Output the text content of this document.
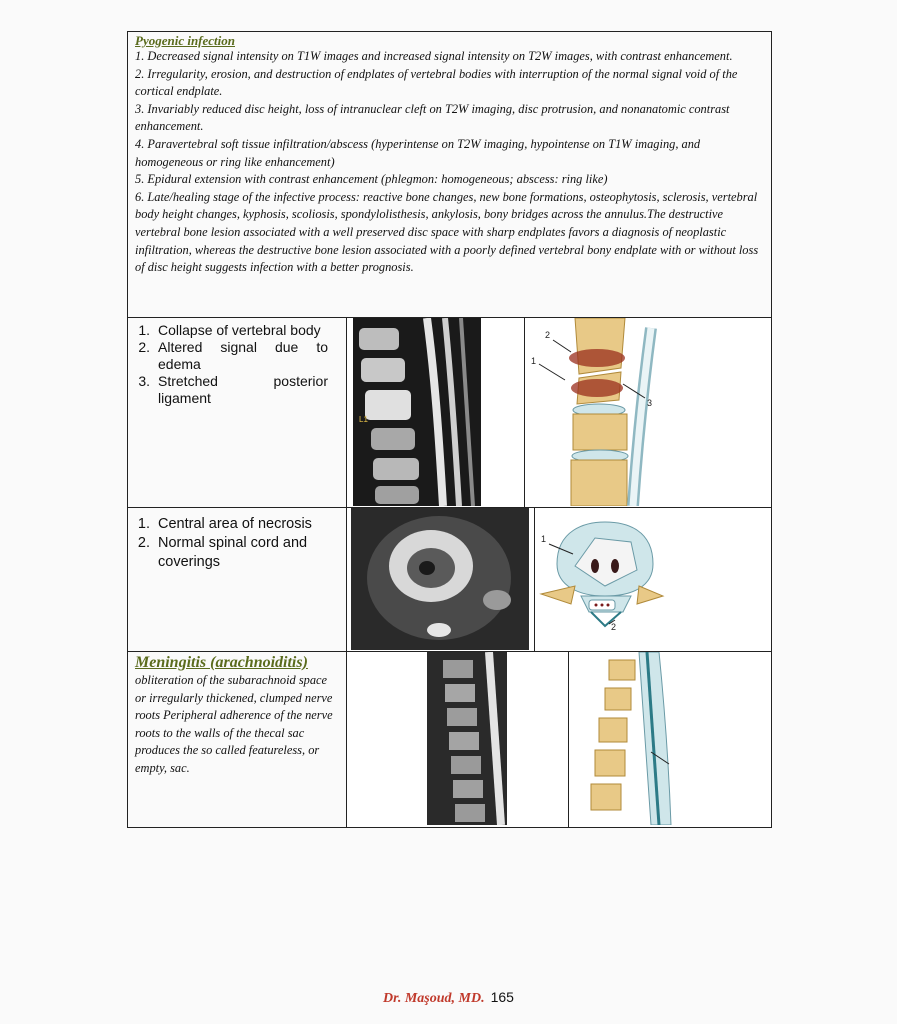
Pyogenic infection

1. Decreased signal intensity on T1W images and increased signal intensity on T2W images, with contrast enhancement.

2. Irregularity, erosion, and destruction of endplates of vertebral bodies with interruption of the normal signal void of the cortical endplate.

3. Invariably reduced disc height, loss of intranuclear cleft on T2W imaging, disc protrusion, and nonanatomic contrast enhancement.

4. Paravertebral soft tissue infiltration/abscess (hyperintense on T2W imaging, hypointense on T1W imaging, and homogeneous or ring like enhancement)

5. Epidural extension with contrast enhancement (phlegmon: homogeneous; abscess: ring like)

6. Late/healing stage of the infective process: reactive bone changes, new bone formations, osteophytosis, sclerosis, vertebral body height changes, kyphosis, scoliosis, spondylolisthesis, ankylosis, bony bridges across the annulus.The destructive vertebral bone lesion associated with a well preserved disc space with sharp endplates favors a diagnosis of neoplastic infiltration, whereas the destructive bone lesion associated with a poorly defined vertebral bony endplate with or without loss of disc height suggests infection with a better prognosis.

1. Collapse of vertebral body
2. Altered signal due to edema
3. Stretched posterior ligament
L1
2
1
3
1. Central area of necrosis
2. Normal spinal cord and coverings
1
2
Meningitis (arachnoiditis)

obliteration of the subarachnoid space or irregularly thickened, clumped nerve roots Peripheral adherence of the nerve roots to the walls of the thecal sac produces the so called featureless, or empty, sac.

Dr. Maşoud, MD. 165
